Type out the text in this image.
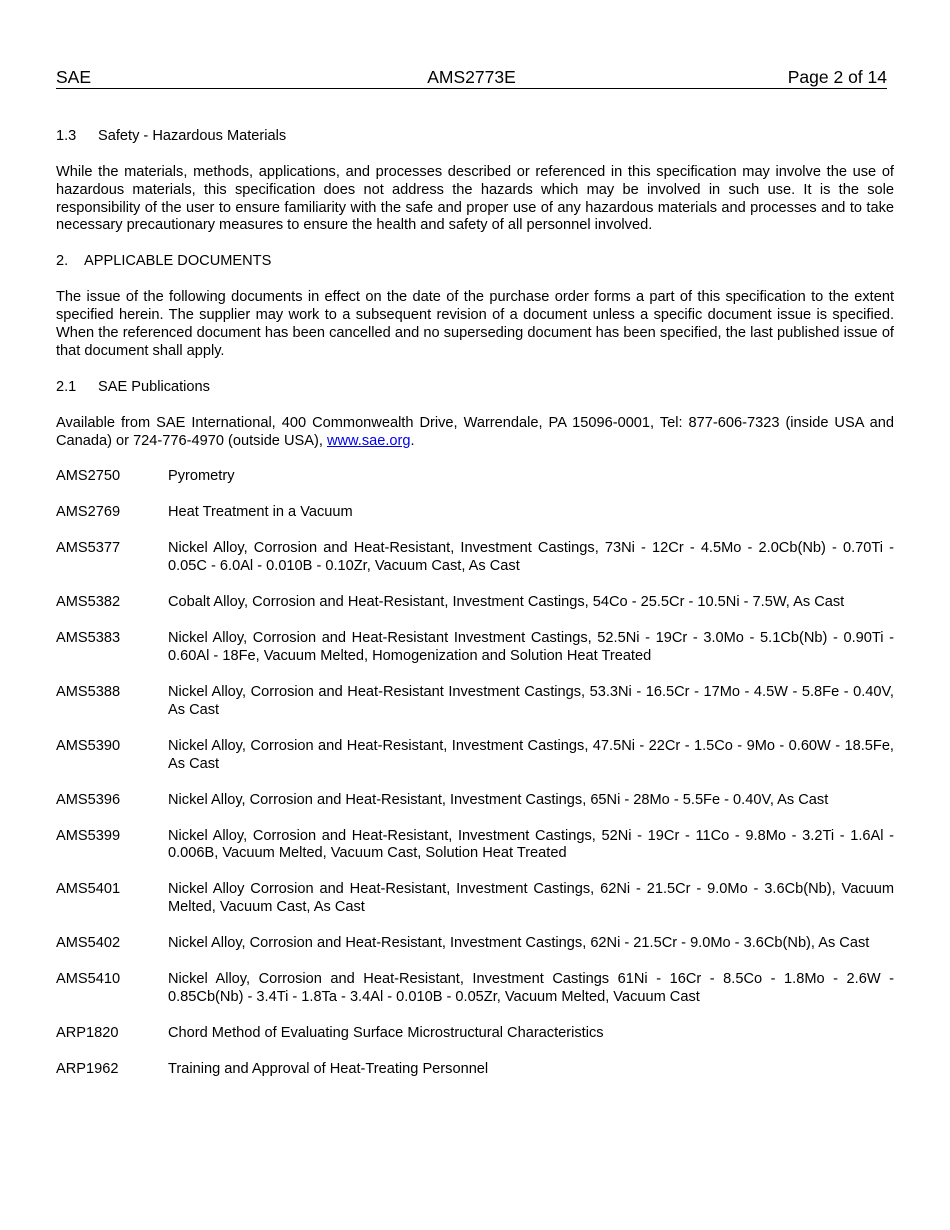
AMS2773E
SAE	Page 2 of 14

1.3 Safety - Hazardous Materials

While the materials, methods, applications, and processes described or referenced in this specification may involve the use of hazardous materials, this specification does not address the hazards which may be involved in such use. It is the sole responsibility of the user to ensure familiarity with the safe and proper use of any hazardous materials and processes and to take necessary precautionary measures to ensure the health and safety of all personnel involved.

2. APPLICABLE DOCUMENTS

The issue of the following documents in effect on the date of the purchase order forms a part of this specification to the extent specified herein. The supplier may work to a subsequent revision of a document unless a specific document issue is specified. When the referenced document has been cancelled and no superseding document has been specified, the last published issue of that document shall apply.

2.1 SAE Publications

Available from SAE International, 400 Commonwealth Drive, Warrendale, PA 15096-0001, Tel: 877-606-7323 (inside USA and Canada) or 724-776-4970 (outside USA), www.sae.org.

AMS2750	Pyrometry
AMS2769	Heat Treatment in a Vacuum
AMS5377	Nickel Alloy, Corrosion and Heat-Resistant, Investment Castings, 73Ni - 12Cr - 4.5Mo - 2.0Cb(Nb) - 0.70Ti - 0.05C - 6.0Al - 0.010B - 0.10Zr, Vacuum Cast, As Cast
AMS5382	Cobalt Alloy, Corrosion and Heat-Resistant, Investment Castings, 54Co - 25.5Cr - 10.5Ni - 7.5W, As Cast
AMS5383	Nickel Alloy, Corrosion and Heat-Resistant Investment Castings, 52.5Ni - 19Cr - 3.0Mo - 5.1Cb(Nb) - 0.90Ti - 0.60Al - 18Fe, Vacuum Melted, Homogenization and Solution Heat Treated
AMS5388	Nickel Alloy, Corrosion and Heat-Resistant Investment Castings, 53.3Ni - 16.5Cr - 17Mo - 4.5W - 5.8Fe - 0.40V, As Cast
AMS5390	Nickel Alloy, Corrosion and Heat-Resistant, Investment Castings, 47.5Ni - 22Cr - 1.5Co - 9Mo - 0.60W - 18.5Fe, As Cast
AMS5396	Nickel Alloy, Corrosion and Heat-Resistant, Investment Castings, 65Ni - 28Mo - 5.5Fe - 0.40V, As Cast
AMS5399	Nickel Alloy, Corrosion and Heat-Resistant, Investment Castings, 52Ni - 19Cr - 11Co - 9.8Mo - 3.2Ti - 1.6Al - 0.006B, Vacuum Melted, Vacuum Cast, Solution Heat Treated
AMS5401	Nickel Alloy Corrosion and Heat-Resistant, Investment Castings, 62Ni - 21.5Cr - 9.0Mo - 3.6Cb(Nb), Vacuum Melted, Vacuum Cast, As Cast
AMS5402	Nickel Alloy, Corrosion and Heat-Resistant, Investment Castings, 62Ni - 21.5Cr - 9.0Mo - 3.6Cb(Nb), As Cast
AMS5410	Nickel Alloy, Corrosion and Heat-Resistant, Investment Castings 61Ni - 16Cr - 8.5Co - 1.8Mo - 2.6W - 0.85Cb(Nb) - 3.4Ti - 1.8Ta - 3.4Al - 0.010B - 0.05Zr, Vacuum Melted, Vacuum Cast
ARP1820	Chord Method of Evaluating Surface Microstructural Characteristics
ARP1962	Training and Approval of Heat-Treating Personnel
